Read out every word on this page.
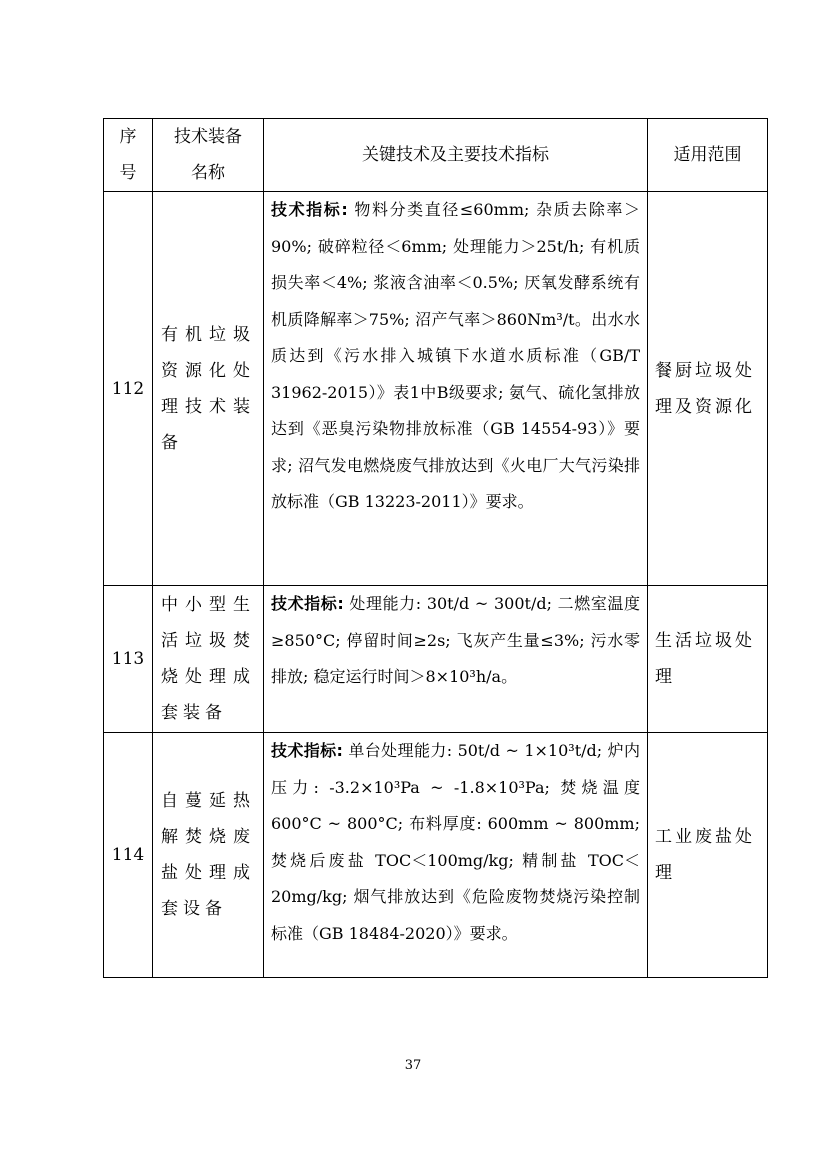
序号	技术装备名称	关键技术及主要技术指标	适用范围
112	有机垃圾资源化处理技术装备	技术指标: 物料分类直径≤60mm; 杂质去除率＞90%; 破碎粒径＜6mm; 处理能力＞25t/h; 有机质损失率＜4%; 浆液含油率＜0.5%; 厌氧发酵系统有机质降解率＞75%; 沼产气率＞860Nm³/t。出水水质达到《污水排入城镇下水道水质标准（GB/T 31962-2015）》表1中B级要求; 氨气、硫化氢排放达到《恶臭污染物排放标准（GB 14554-93）》要求; 沼气发电燃烧废气排放达到《火电厂大气污染排放标准（GB 13223-2011）》要求。	餐厨垃圾处理及资源化
113	中小型生活垃圾焚烧处理成套装备	技术指标: 处理能力: 30t/d ~ 300t/d; 二燃室温度≥850°C; 停留时间≥2s; 飞灰产生量≤3%; 污水零排放; 稳定运行时间＞8×10³h/a。	生活垃圾处理
114	自蔓延热解焚烧废盐处理成套设备	技术指标: 单台处理能力: 50t/d ~ 1×10³t/d; 炉内压力: -3.2×10³Pa ~ -1.8×10³Pa; 焚烧温度 600°C ~ 800°C; 布料厚度: 600mm ~ 800mm; 焚烧后废盐 TOC＜100mg/kg; 精制盐 TOC＜20mg/kg; 烟气排放达到《危险废物焚烧污染控制标准（GB 18484-2020）》要求。	工业废盐处理
37
